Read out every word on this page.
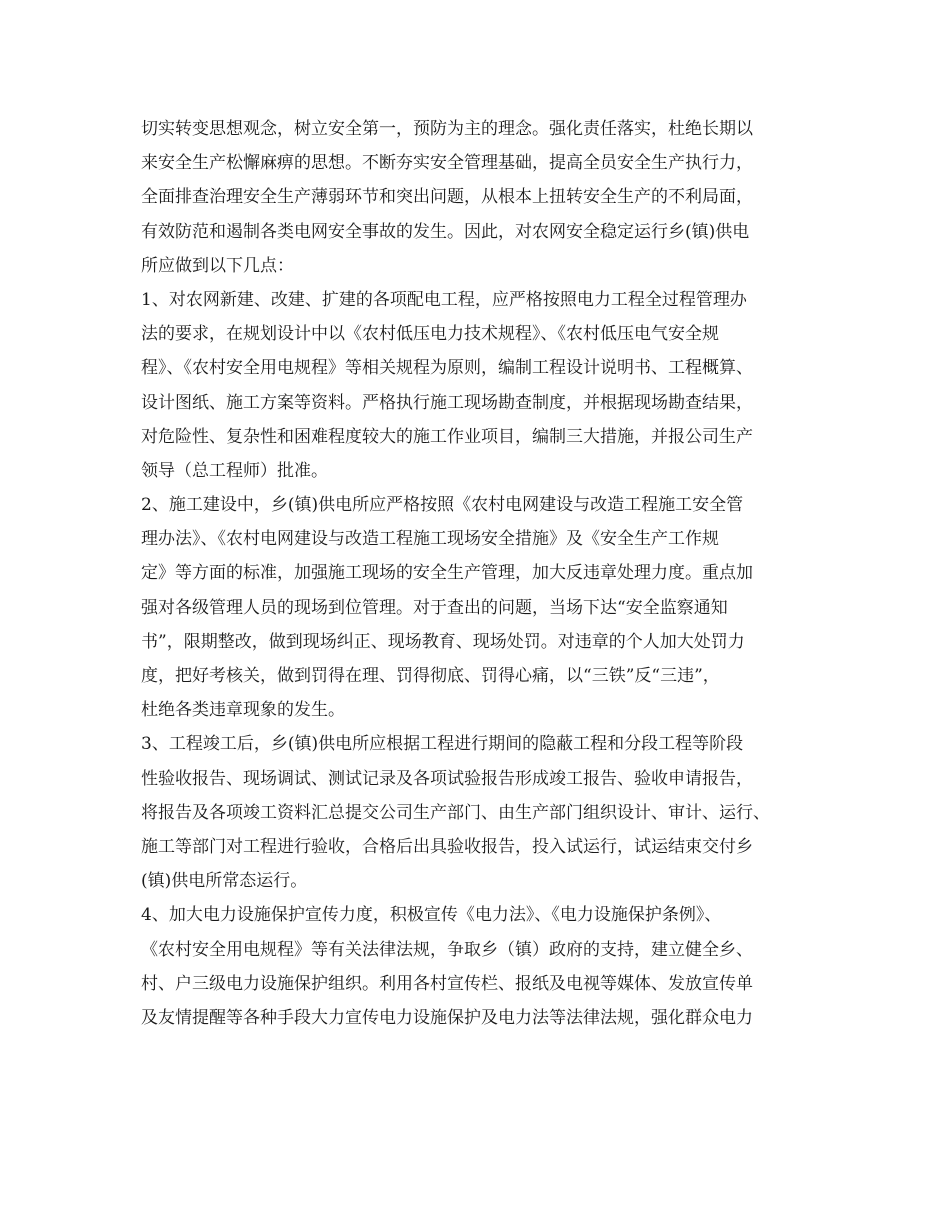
切实转变思想观念，树立安全第一，预防为主的理念。强化责任落实，杜绝长期以
来安全生产松懈麻痹的思想。不断夯实安全管理基础，提高全员安全生产执行力，
全面排查治理安全生产薄弱环节和突出问题，从根本上扭转安全生产的不利局面，
有效防范和遏制各类电网安全事故的发生。因此，对农网安全稳定运行乡(镇)供电
所应做到以下几点：
1、对农网新建、改建、扩建的各项配电工程，应严格按照电力工程全过程管理办
法的要求，在规划设计中以《农村低压电力技术规程》、《农村低压电气安全规
程》、《农村安全用电规程》等相关规程为原则，编制工程设计说明书、工程概算、
设计图纸、施工方案等资料。严格执行施工现场勘查制度，并根据现场勘查结果，
对危险性、复杂性和困难程度较大的施工作业项目，编制三大措施，并报公司生产
领导（总工程师）批准。
2、施工建设中，乡(镇)供电所应严格按照《农村电网建设与改造工程施工安全管
理办法》、《农村电网建设与改造工程施工现场安全措施》及《安全生产工作规
定》等方面的标准，加强施工现场的安全生产管理，加大反违章处理力度。重点加
强对各级管理人员的现场到位管理。对于查出的问题，当场下达“安全监察通知
书”，限期整改，做到现场纠正、现场教育、现场处罚。对违章的个人加大处罚力
度，把好考核关，做到罚得在理、罚得彻底、罚得心痛，以“三铁”反“三违”，
杜绝各类违章现象的发生。
3、工程竣工后，乡(镇)供电所应根据工程进行期间的隐蔽工程和分段工程等阶段
性验收报告、现场调试、测试记录及各项试验报告形成竣工报告、验收申请报告，
将报告及各项竣工资料汇总提交公司生产部门、由生产部门组织设计、审计、运行、
施工等部门对工程进行验收，合格后出具验收报告，投入试运行，试运结束交付乡
(镇)供电所常态运行。
4、加大电力设施保护宣传力度，积极宣传《电力法》、《电力设施保护条例》、
《农村安全用电规程》等有关法律法规，争取乡（镇）政府的支持，建立健全乡、
村、户三级电力设施保护组织。利用各村宣传栏、报纸及电视等媒体、发放宣传单
及友情提醒等各种手段大力宣传电力设施保护及电力法等法律法规，强化群众电力
